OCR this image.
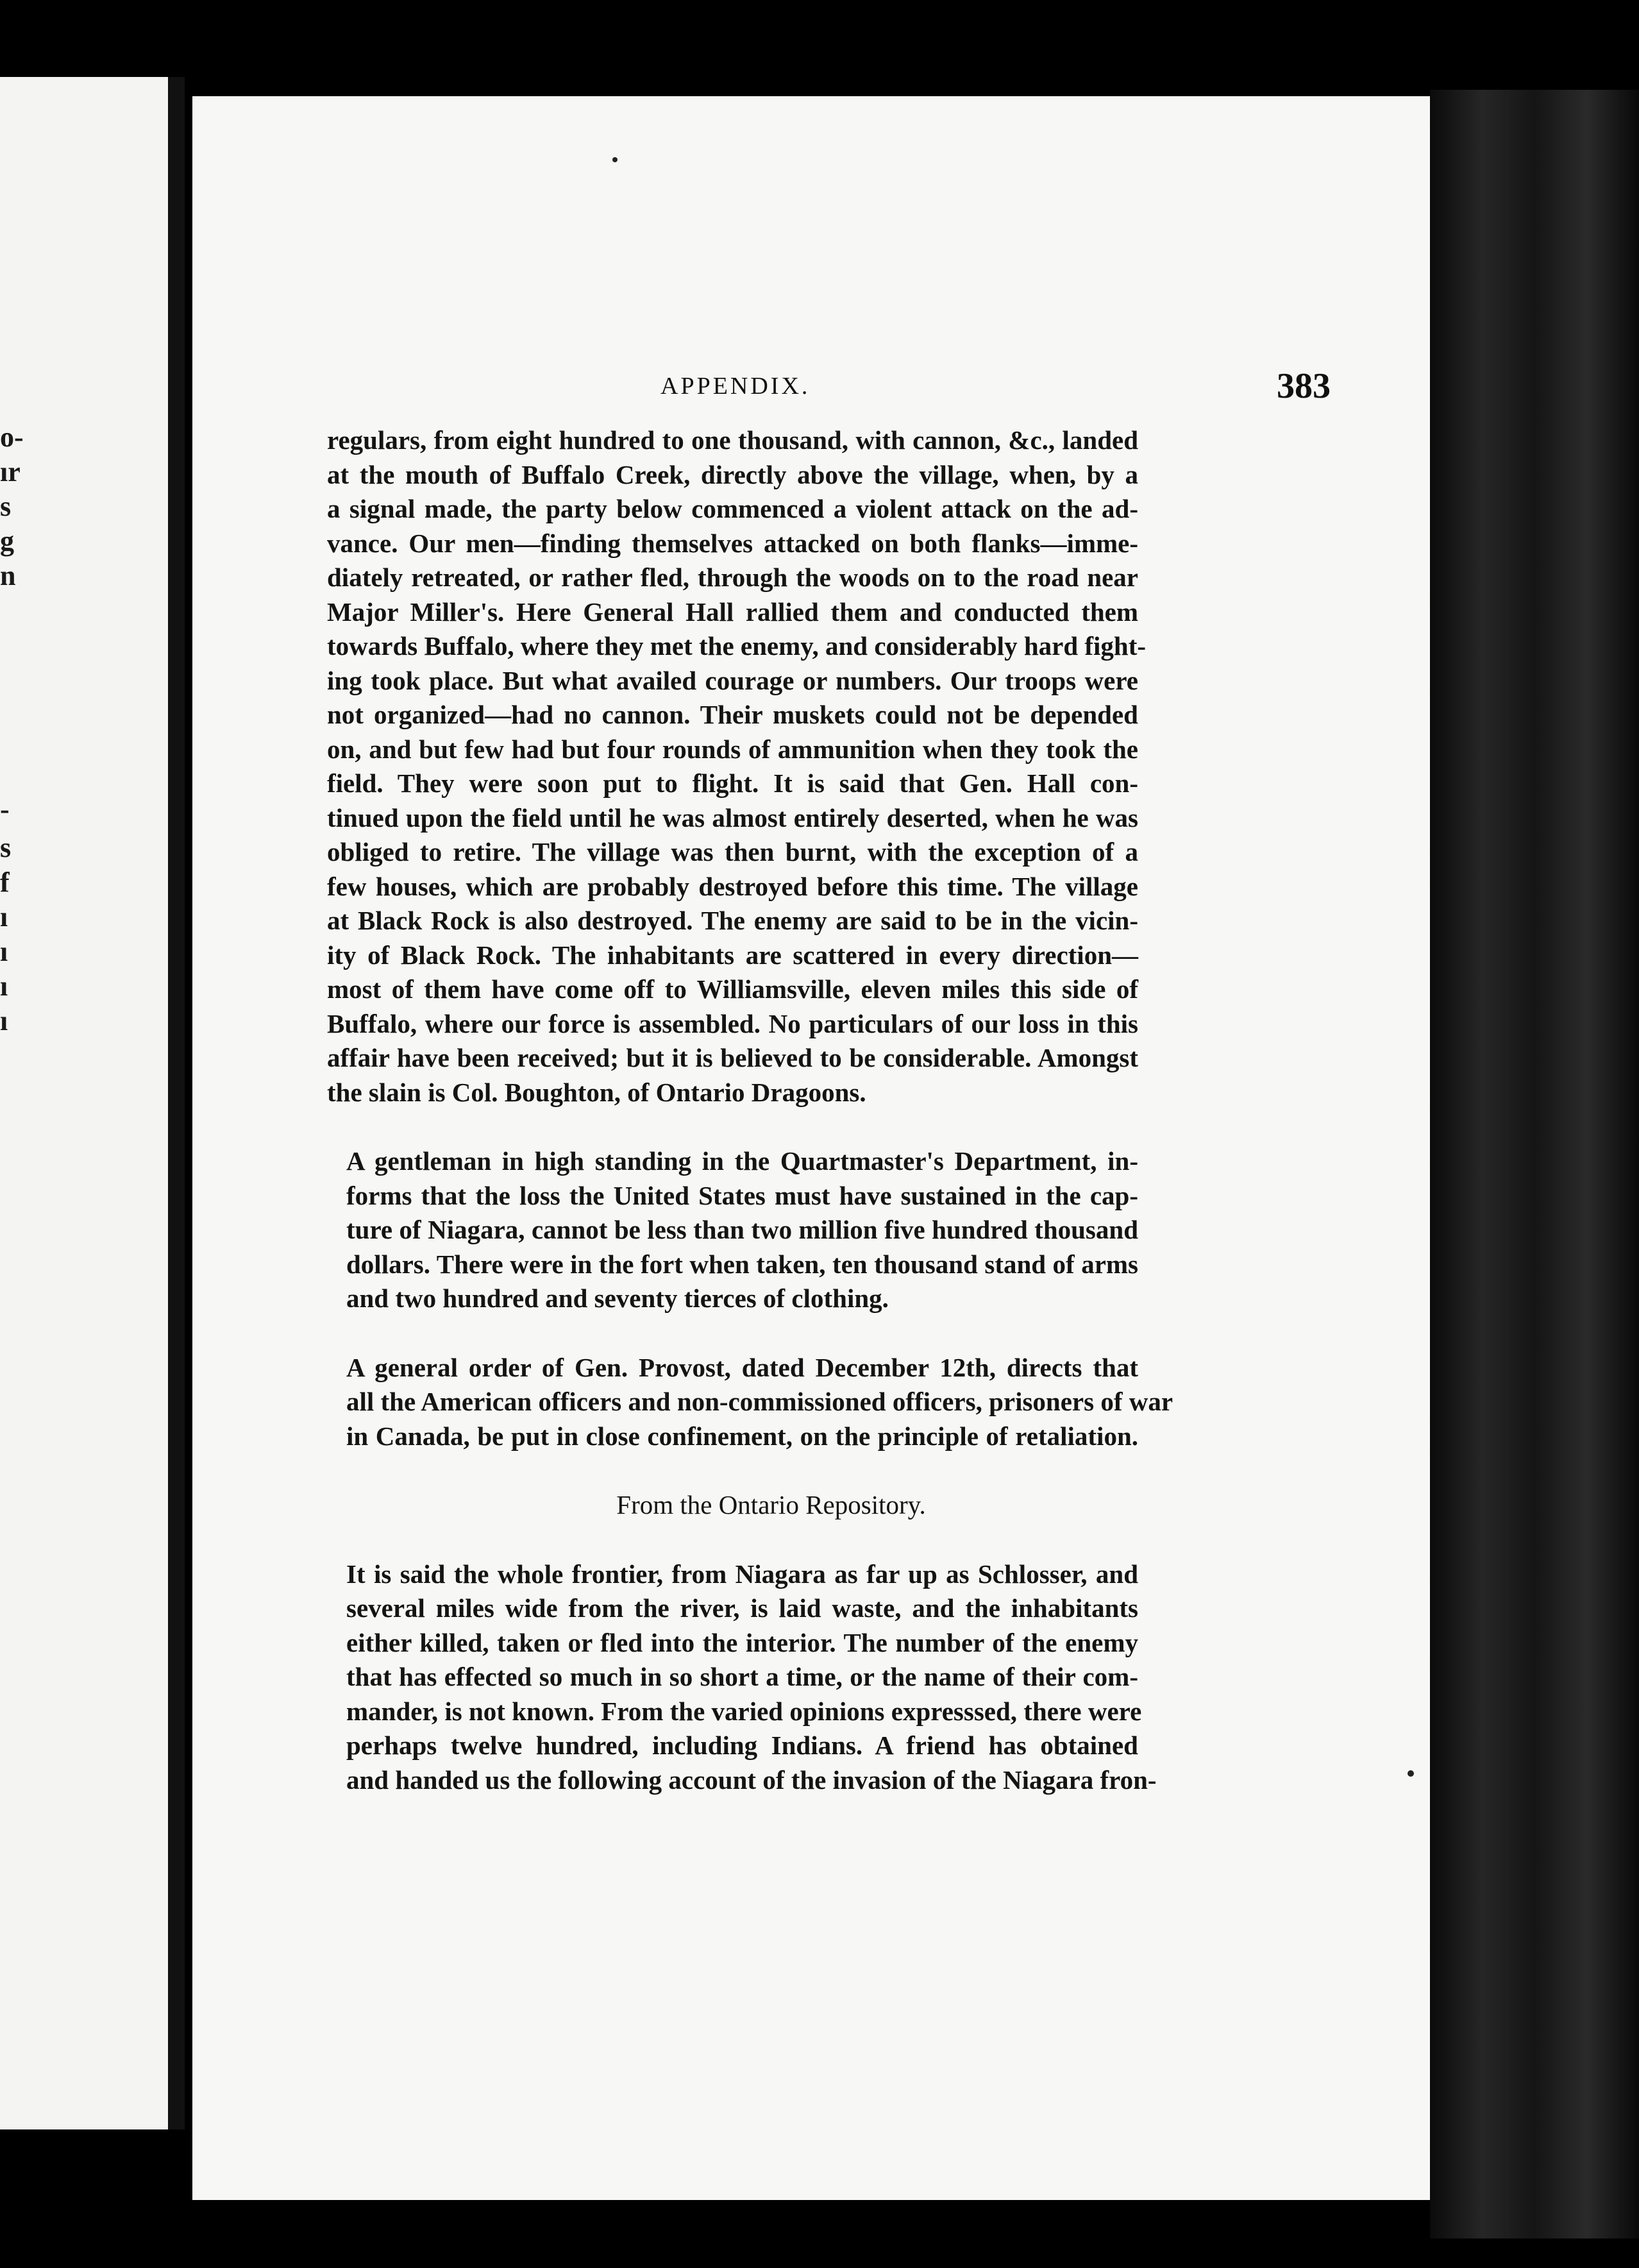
o-
ır
s
g
n
-
s
f
ı
ı
ı
ı
APPENDIX.	383
regulars, from eight hundred to one thousand, with cannon, &c., landed
at the mouth of Buffalo Creek, directly above the village, when, by a
a signal made, the party below commenced a violent attack on the ad-
vance. Our men—finding themselves attacked on both flanks—imme-
diately retreated, or rather fled, through the woods on to the road near
Major Miller's. Here General Hall rallied them and conducted them
towards Buffalo, where they met the enemy, and considerably hard fight-
ing took place. But what availed courage or numbers. Our troops were
not organized—had no cannon. Their muskets could not be depended
on, and but few had but four rounds of ammunition when they took the
field. They were soon put to flight. It is said that Gen. Hall con-
tinued upon the field until he was almost entirely deserted, when he was
obliged to retire. The village was then burnt, with the exception of a
few houses, which are probably destroyed before this time. The village
at Black Rock is also destroyed. The enemy are said to be in the vicin-
ity of Black Rock. The inhabitants are scattered in every direction—
most of them have come off to Williamsville, eleven miles this side of
Buffalo, where our force is assembled. No particulars of our loss in this
affair have been received; but it is believed to be considerable. Amongst
the slain is Col. Boughton, of Ontario Dragoons.
A gentleman in high standing in the Quartmaster's Department, in-
forms that the loss the United States must have sustained in the cap-
ture of Niagara, cannot be less than two million five hundred thousand
dollars. There were in the fort when taken, ten thousand stand of arms
and two hundred and seventy tierces of clothing.
A general order of Gen. Provost, dated December 12th, directs that
all the American officers and non-commissioned officers, prisoners of war
in Canada, be put in close confinement, on the principle of retaliation.
From the Ontario Repository.
It is said the whole frontier, from Niagara as far up as Schlosser, and
several miles wide from the river, is laid waste, and the inhabitants
either killed, taken or fled into the interior. The number of the enemy
that has effected so much in so short a time, or the name of their com-
mander, is not known. From the varied opinions expresssed, there were
perhaps twelve hundred, including Indians. A friend has obtained
and handed us the following account of the invasion of the Niagara fron-
